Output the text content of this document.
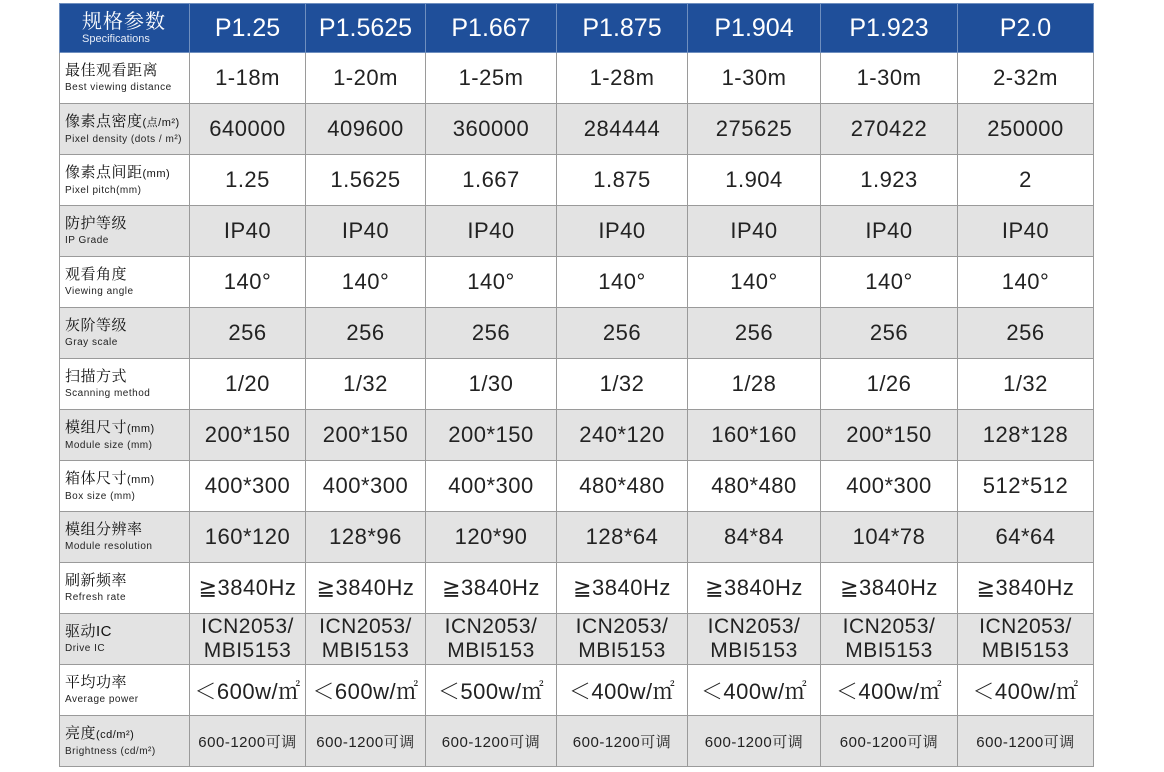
规格参数
Specifications	P1.25	P1.5625	P1.667	P1.875	P1.904	P1.923	P2.0

最佳观看距离
Best viewing distance	1-18m	1-20m	1-25m	1-28m	1-30m	1-30m	2-32m

像素点密度(点/m²)
Pixel density (dots / m²)	640000	409600	360000	284444	275625	270422	250000

像素点间距(mm)
Pixel pitch(mm)	1.25	1.5625	1.667	1.875	1.904	1.923	2

防护等级
IP Grade	IP40	IP40	IP40	IP40	IP40	IP40	IP40

观看角度
Viewing angle	140°	140°	140°	140°	140°	140°	140°

灰阶等级
Gray scale	256	256	256	256	256	256	256

扫描方式
Scanning method	1/20	1/32	1/30	1/32	1/28	1/26	1/32

模组尺寸(mm)
Module size (mm)	200*150	200*150	200*150	240*120	160*160	200*150	128*128

箱体尺寸(mm)
Box size (mm)	400*300	400*300	400*300	480*480	480*480	400*300	512*512

模组分辨率
Module resolution	160*120	128*96	120*90	128*64	84*84	104*78	64*64

刷新频率
Refresh rate	≧3840Hz	≧3840Hz	≧3840Hz	≧3840Hz	≧3840Hz	≧3840Hz	≧3840Hz

驱动IC
Drive IC	ICN2053/
MBI5153	ICN2053/
MBI5153	ICN2053/
MBI5153	ICN2053/
MBI5153	ICN2053/
MBI5153	ICN2053/
MBI5153	ICN2053/
MBI5153

平均功率
Average power	＜600w/㎡	＜600w/㎡	＜500w/㎡	＜400w/㎡	＜400w/㎡	＜400w/㎡	＜400w/㎡

亮度(cd/m²)
Brightness (cd/m²)	600-1200可调	600-1200可调	600-1200可调	600-1200可调	600-1200可调	600-1200可调	600-1200可调
